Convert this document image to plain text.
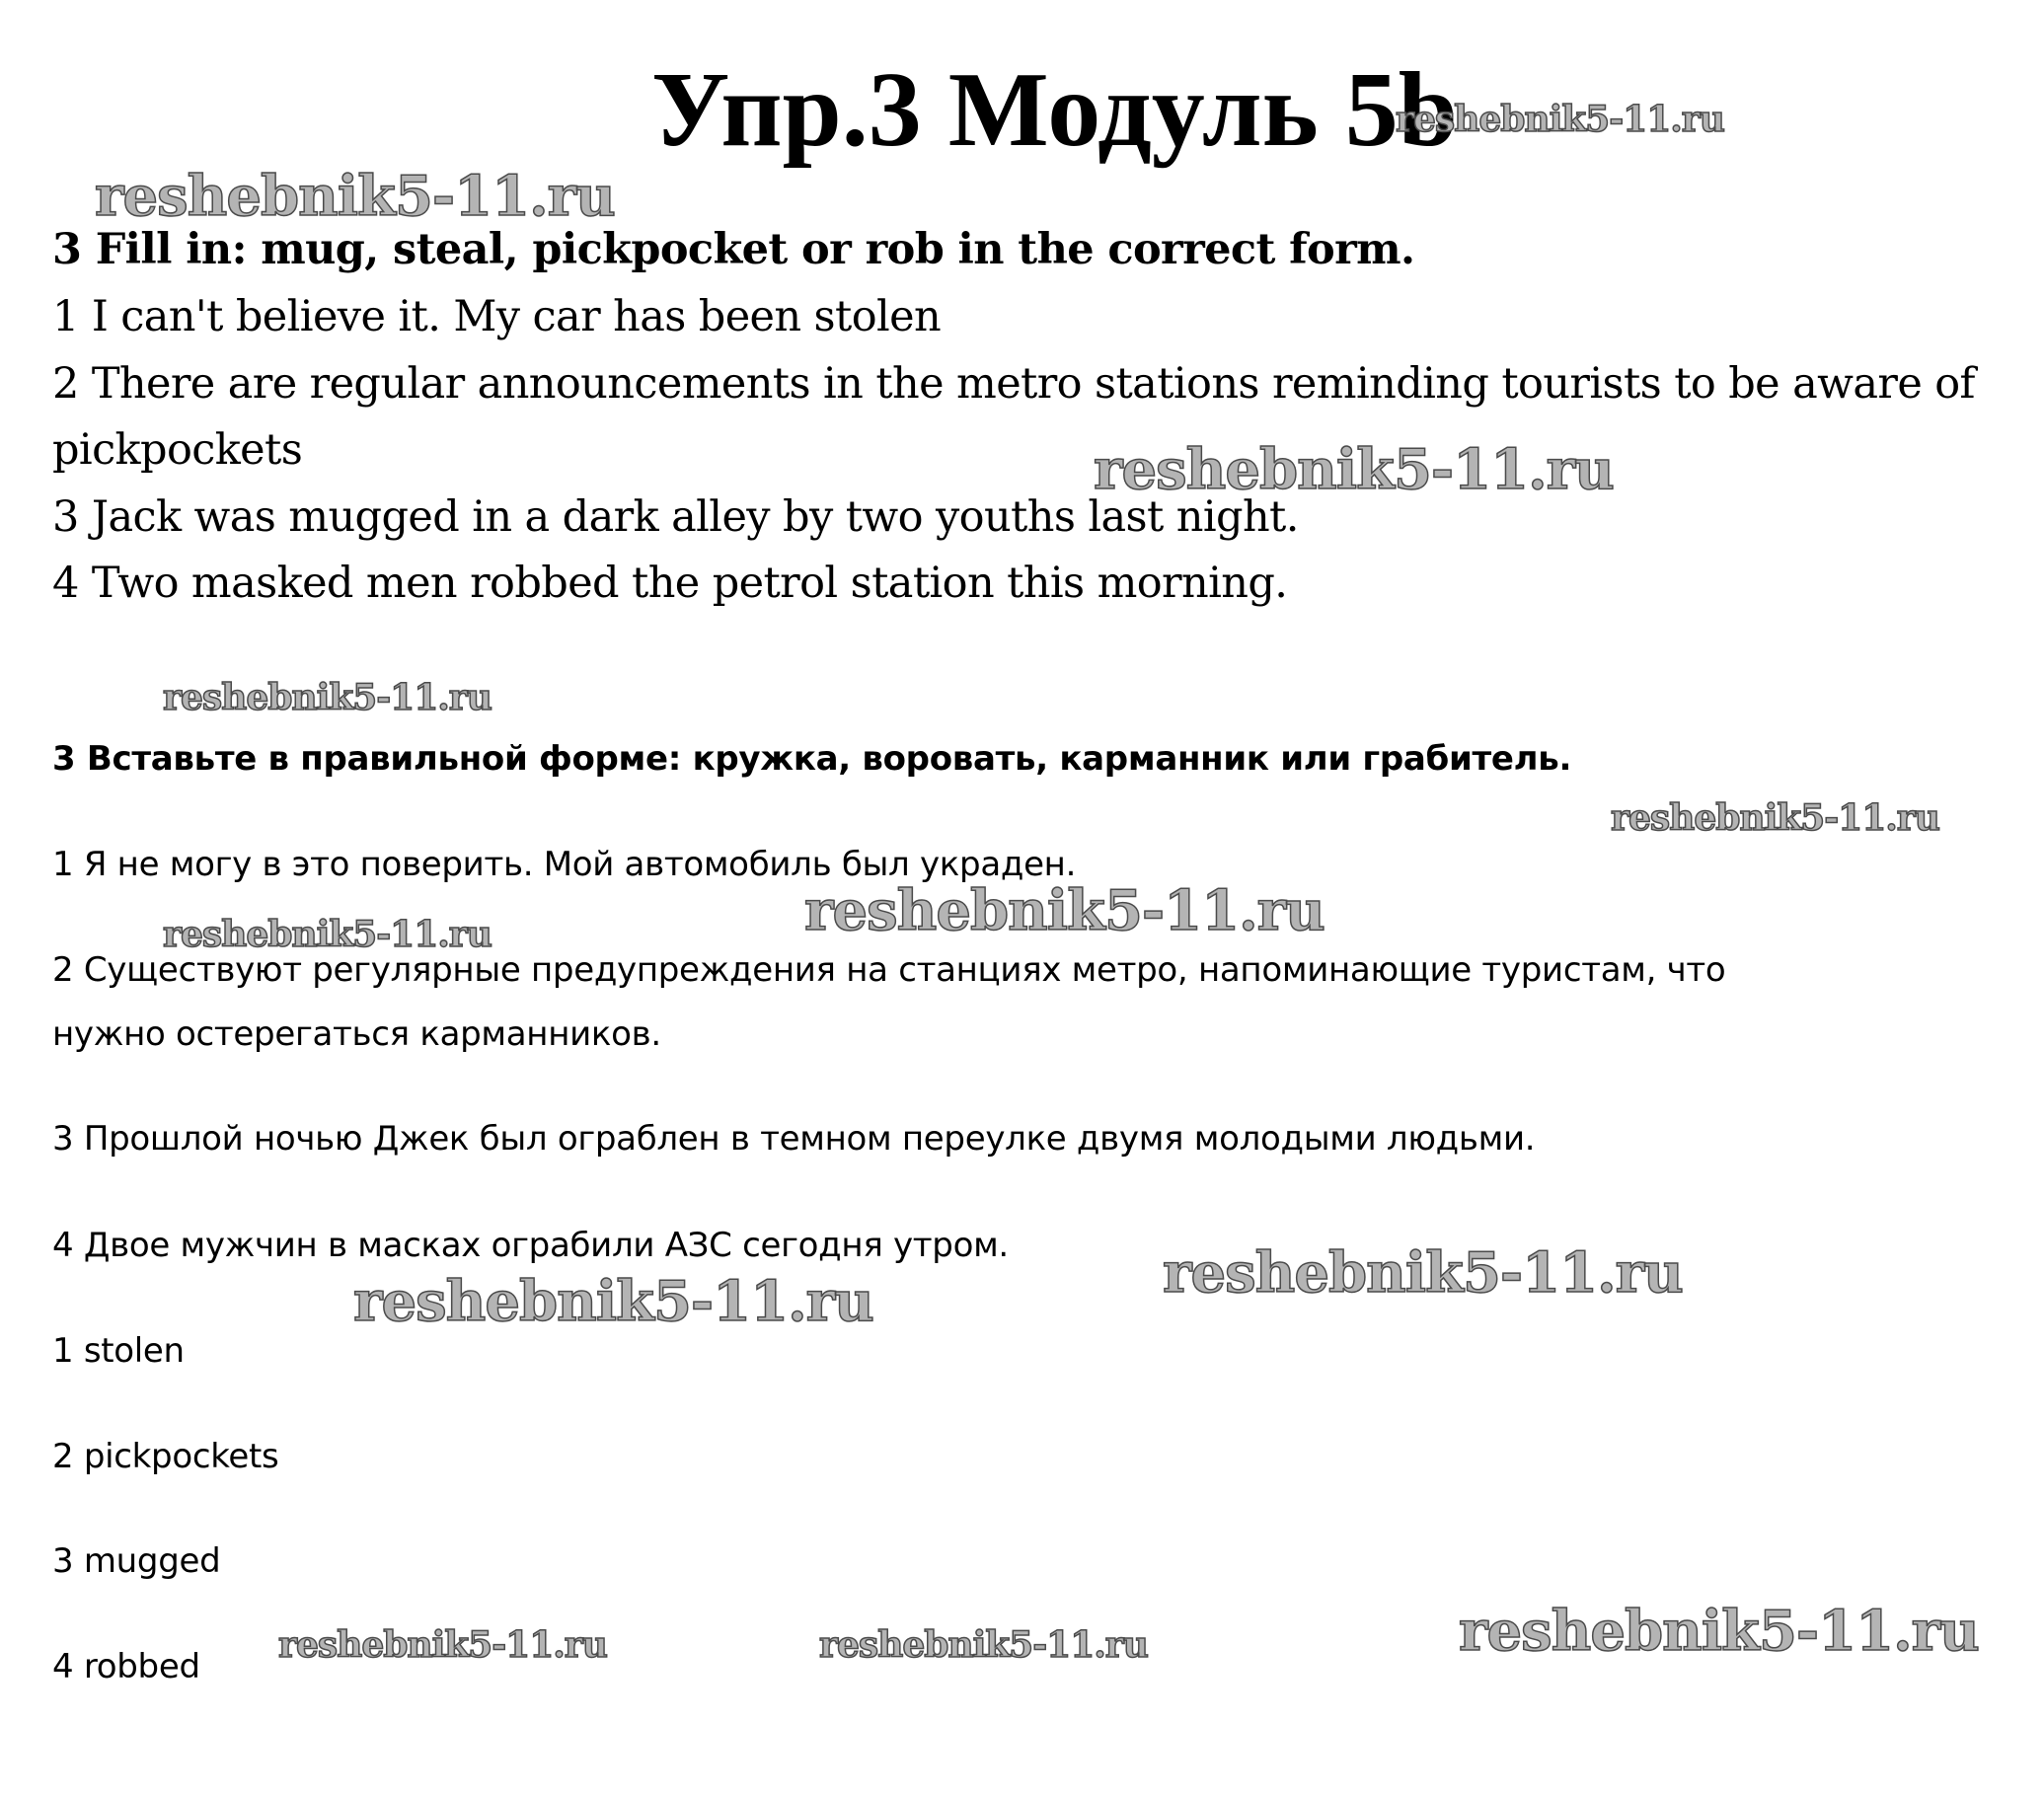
Упр.3 Модуль 5b

3 Fill in: mug, steal, pickpocket or rob in the correct form.

1 I can't believe it. My car has been stolen

2 There are regular announcements in the metro stations reminding tourists to be aware of

pickpockets

3 Jack was mugged in a dark alley by two youths last night.

4 Two masked men robbed the petrol station this morning.

3 Вставьте в правильной форме: кружка, воровать, карманник или грабитель.

1 Я не могу в это поверить. Мой автомобиль был украден.

2 Существуют регулярные предупреждения на станциях метро, напоминающие туристам, что

нужно остерегаться карманников.

3 Прошлой ночью Джек был ограблен в темном переулке двумя молодыми людьми.

4 Двое мужчин в масках ограбили АЗС сегодня утром.

1 stolen

2 pickpockets

3 mugged

4 robbed

reshebnik5-11.ru
reshebnik5-11.ru
reshebnik5-11.ru
reshebnik5-11.ru
reshebnik5-11.ru
reshebnik5-11.ru
reshebnik5-11.ru
reshebnik5-11.ru
reshebnik5-11.ru
reshebnik5-11.ru	reshebnik5-11.ru	reshebnik5-11.ru
